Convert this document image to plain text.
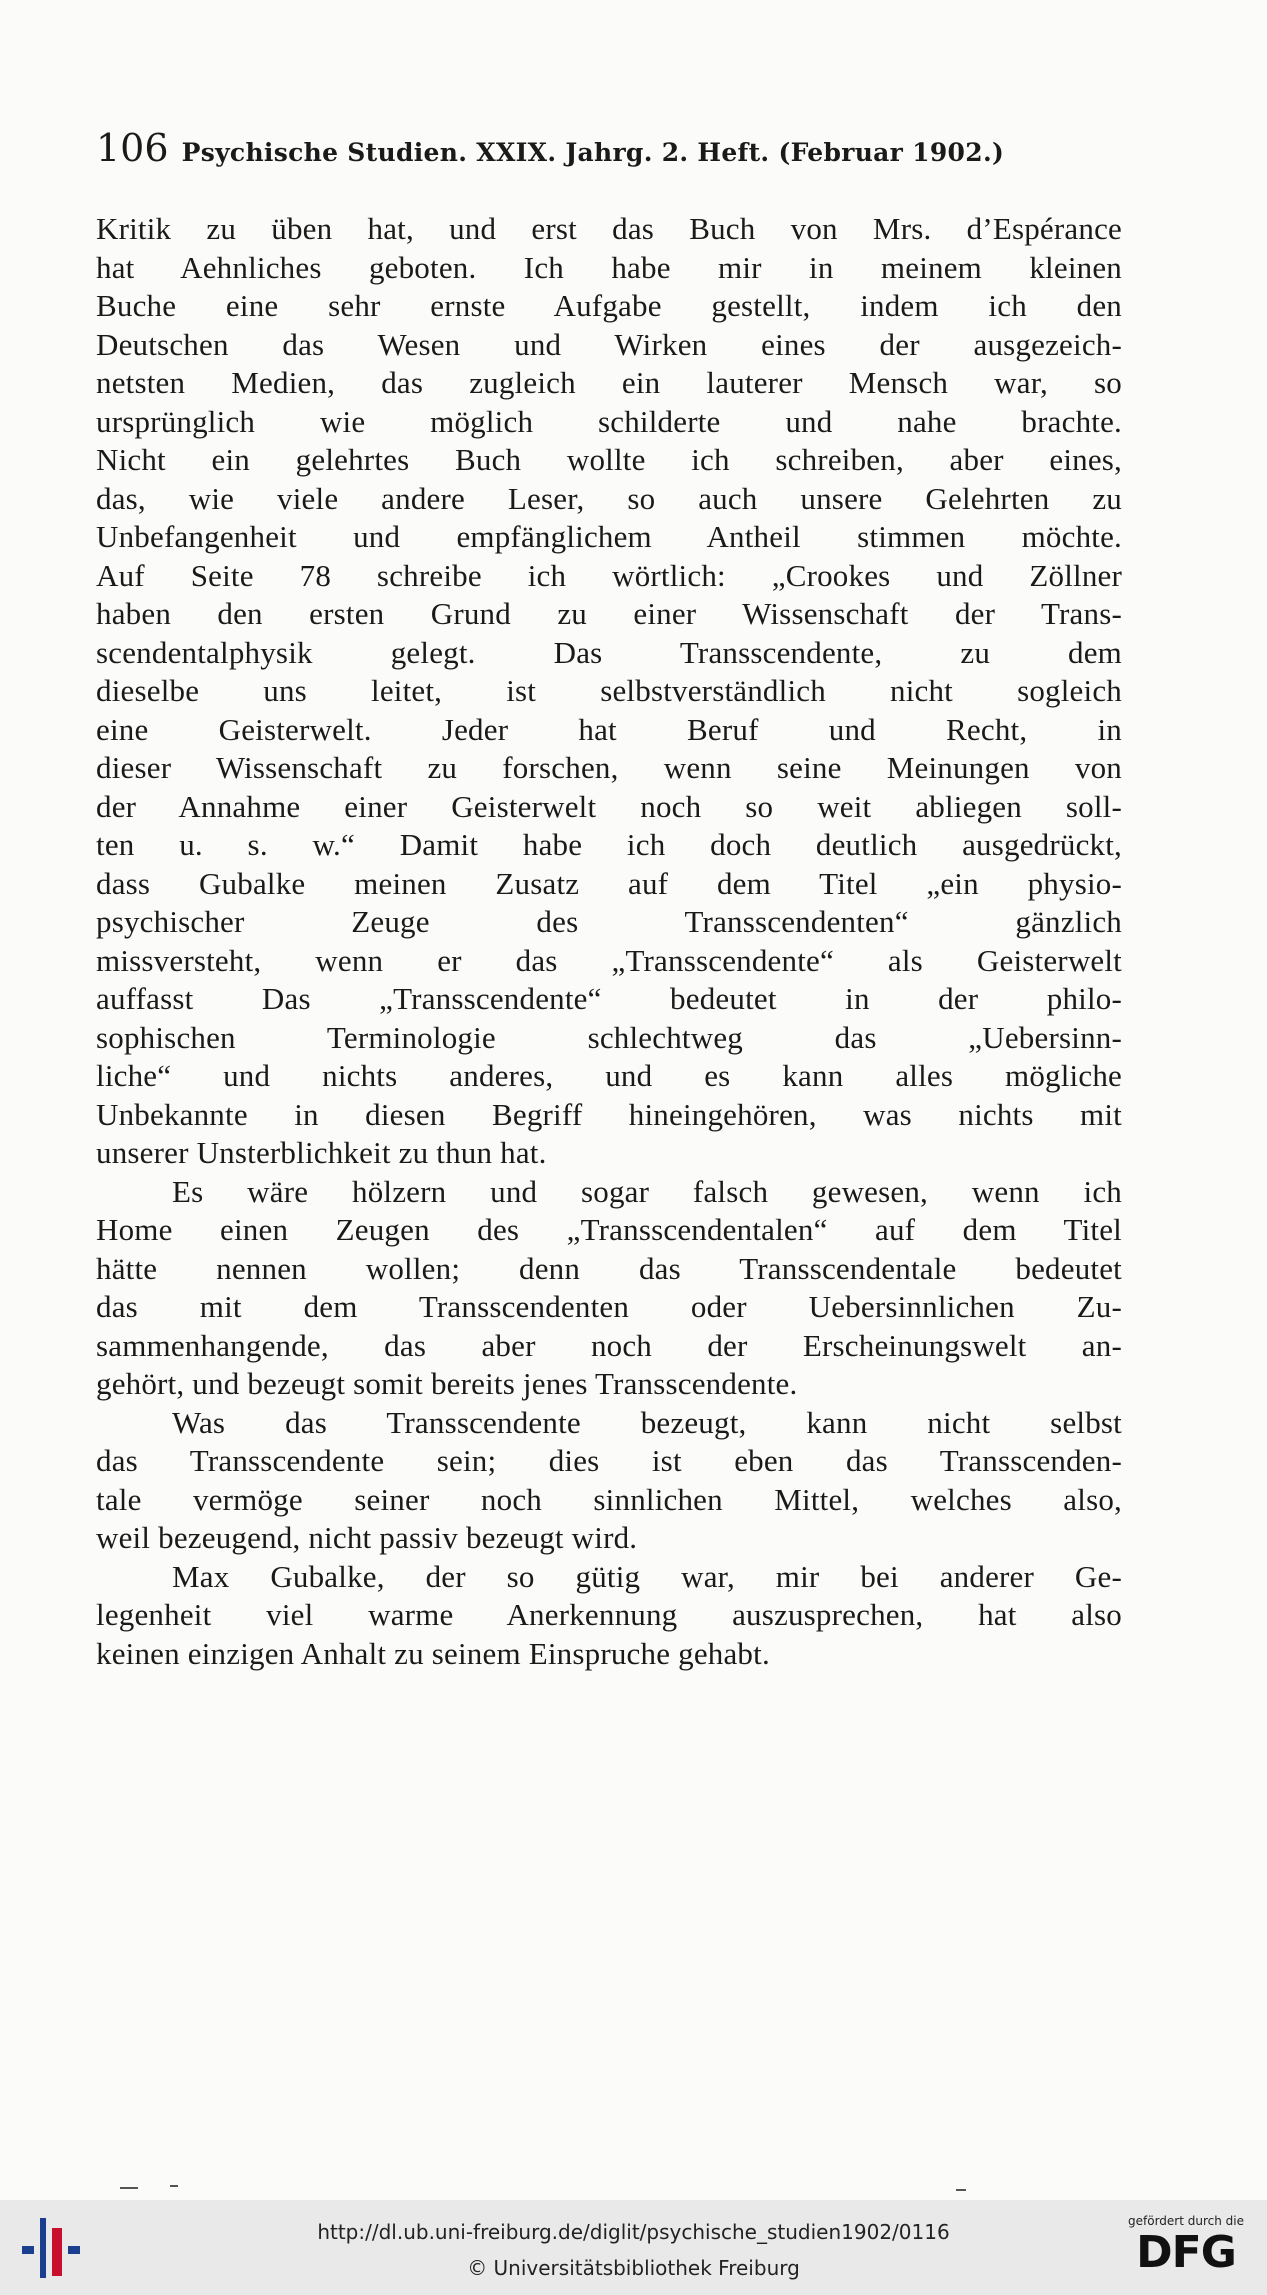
106 Psychische Studien. XXIX. Jahrg. 2. Heft. (Februar 1902.)
Kritik zu üben hat, und erst das Buch von Mrs. d’Espérance
hat Aehnliches geboten. Ich habe mir in meinem kleinen
Buche eine sehr ernste Aufgabe gestellt, indem ich den
Deutschen das Wesen und Wirken eines der ausgezeich-
netsten Medien, das zugleich ein lauterer Mensch war, so
ursprünglich wie möglich schilderte und nahe brachte.
Nicht ein gelehrtes Buch wollte ich schreiben, aber eines,
das, wie viele andere Leser, so auch unsere Gelehrten zu
Unbefangenheit und empfänglichem Antheil stimmen möchte.
Auf Seite 78 schreibe ich wörtlich: „Crookes und Zöllner
haben den ersten Grund zu einer Wissenschaft der Trans-
scendentalphysik gelegt. Das Transscendente, zu dem
dieselbe uns leitet, ist selbstverständlich nicht sogleich
eine Geisterwelt. Jeder hat Beruf und Recht, in
dieser Wissenschaft zu forschen, wenn seine Meinungen von
der Annahme einer Geisterwelt noch so weit abliegen soll-
ten u. s. w.“ Damit habe ich doch deutlich ausgedrückt,
dass Gubalke meinen Zusatz auf dem Titel „ein physio-
psychischer Zeuge des Transscendenten“ gänzlich
missversteht, wenn er das „Transscendente“ als Geisterwelt
auffasst Das „Transscendente“ bedeutet in der philo-
sophischen Terminologie schlechtweg das „Uebersinn-
liche“ und nichts anderes, und es kann alles mögliche
Unbekannte in diesen Begriff hineingehören, was nichts mit
unserer Unsterblichkeit zu thun hat.
Es wäre hölzern und sogar falsch gewesen, wenn ich
Home einen Zeugen des „Transscendentalen“ auf dem Titel
hätte nennen wollen; denn das Transscendentale bedeutet
das mit dem Transscendenten oder Uebersinnlichen Zu-
sammenhangende, das aber noch der Erscheinungswelt an-
gehört, und bezeugt somit bereits jenes Transscendente.
Was das Transscendente bezeugt, kann nicht selbst
das Transscendente sein; dies ist eben das Transscenden-
tale vermöge seiner noch sinnlichen Mittel, welches also,
weil bezeugend, nicht passiv bezeugt wird.
Max Gubalke, der so gütig war, mir bei anderer Ge-
legenheit viel warme Anerkennung auszusprechen, hat also
keinen einzigen Anhalt zu seinem Einspruche gehabt.
http://dl.ub.uni-freiburg.de/diglit/psychische_studien1902/0116
© Universitätsbibliothek Freiburg
gefördert durch die
DFG
